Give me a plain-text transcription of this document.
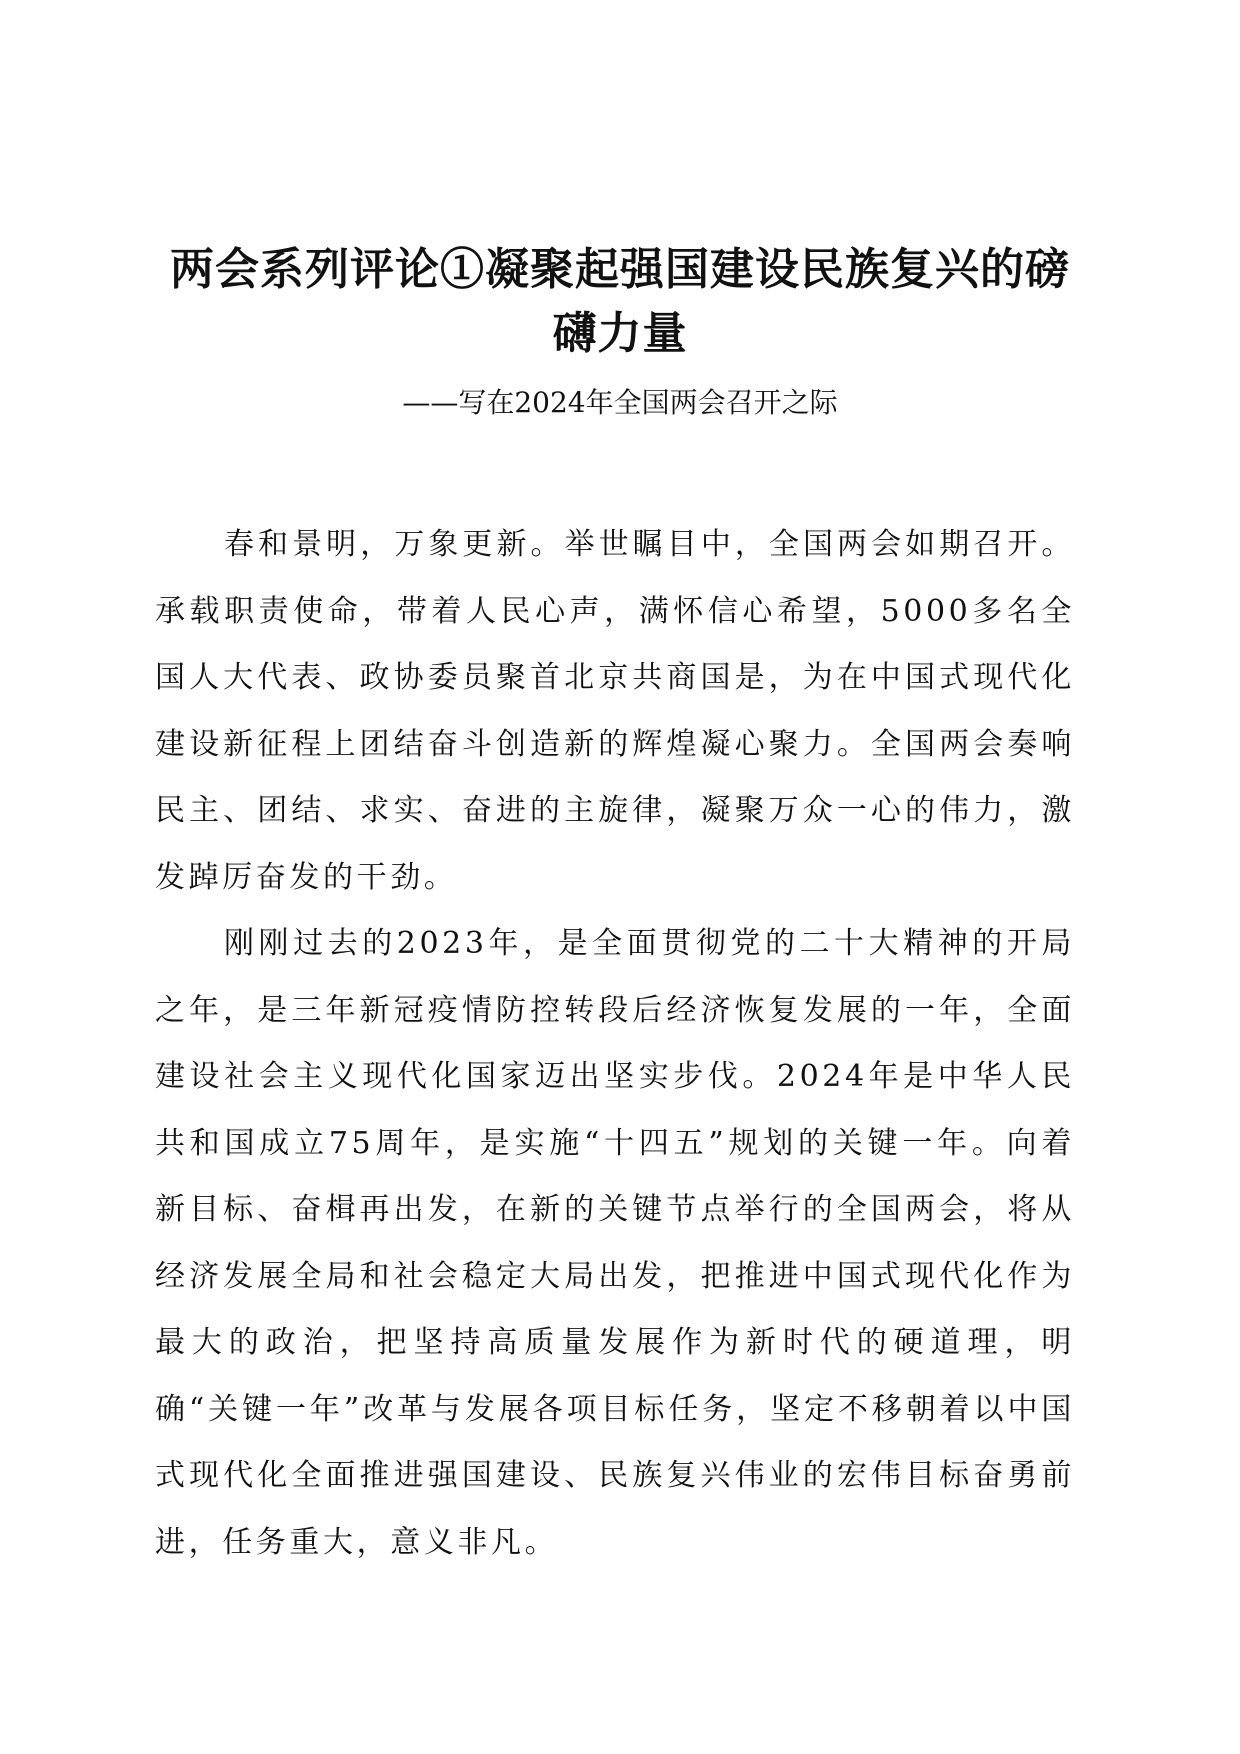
两会系列评论①凝聚起强国建设民族复兴的磅礴力量

——写在2024年全国两会召开之际

春和景明，万象更新。举世瞩目中，全国两会如期召开。承载职责使命，带着人民心声，满怀信心希望，5000多名全国人大代表、政协委员聚首北京共商国是，为在中国式现代化建设新征程上团结奋斗创造新的辉煌凝心聚力。全国两会奏响民主、团结、求实、奋进的主旋律，凝聚万众一心的伟力，激发踔厉奋发的干劲。

刚刚过去的2023年，是全面贯彻党的二十大精神的开局之年，是三年新冠疫情防控转段后经济恢复发展的一年，全面建设社会主义现代化国家迈出坚实步伐。2024年是中华人民共和国成立75周年，是实施“十四五”规划的关键一年。向着新目标、奋楫再出发，在新的关键节点举行的全国两会，将从经济发展全局和社会稳定大局出发，把推进中国式现代化作为最大的政治，把坚持高质量发展作为新时代的硬道理，明确“关键一年”改革与发展各项目标任务，坚定不移朝着以中国式现代化全面推进强国建设、民族复兴伟业的宏伟目标奋勇前进，任务重大，意义非凡。
